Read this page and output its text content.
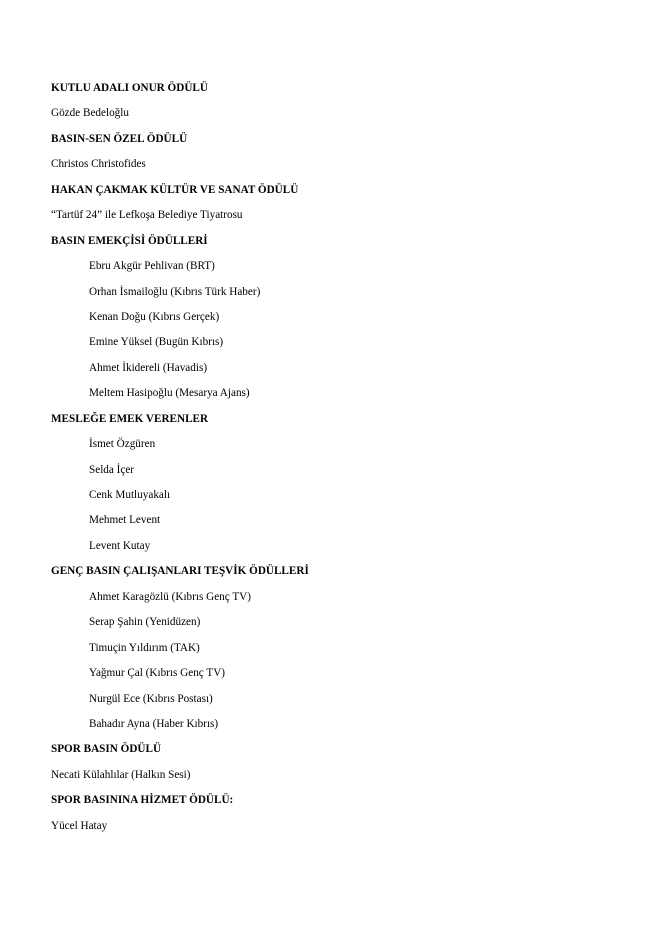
KUTLU ADALI ONUR ÖDÜLÜ
Gözde Bedeloğlu
BASIN-SEN ÖZEL ÖDÜLÜ
Christos Christofides
HAKAN ÇAKMAK KÜLTÜR VE SANAT ÖDÜLÜ
“Tartüf 24” ile Lefkoşa Belediye Tiyatrosu
BASIN EMEKÇİSİ ÖDÜLLERİ
Ebru Akgür Pehlivan (BRT)
Orhan İsmailoğlu (Kıbrıs Türk Haber)
Kenan Doğu (Kıbrıs Gerçek)
Emine Yüksel (Bugün Kıbrıs)
Ahmet İkidereli (Havadis)
Meltem Hasipoğlu (Mesarya Ajans)
MESLEĞE EMEK VERENLER
İsmet Özgüren
Selda İçer
Cenk Mutluyakalı
Mehmet Levent
Levent Kutay
GENÇ BASIN ÇALIŞANLARI TEŞVİK ÖDÜLLERİ
Ahmet Karagözlü (Kıbrıs Genç TV)
Serap Şahin (Yenidüzen)
Timuçin Yıldırım (TAK)
Yağmur Çal (Kıbrıs Genç TV)
Nurgül Ece (Kıbrıs Postası)
Bahadır Ayna (Haber Kıbrıs)
SPOR BASIN ÖDÜLÜ
Necati Külahlılar (Halkın Sesi)
SPOR BASININA HİZMET ÖDÜLÜ:
Yücel Hatay
